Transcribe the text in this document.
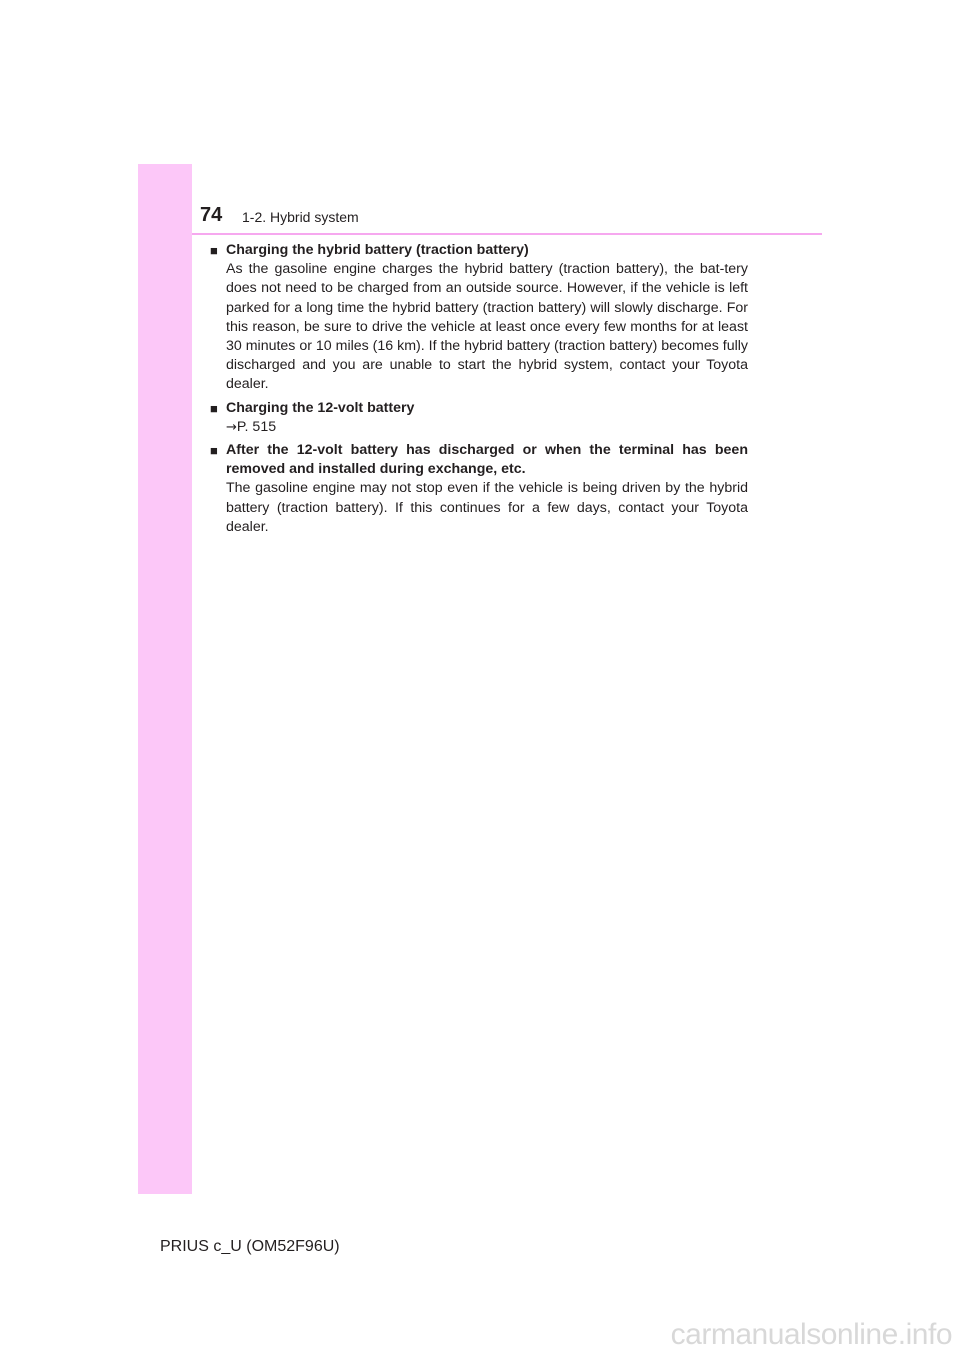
74 1-2. Hybrid system
■ Charging the hybrid battery (traction battery)
As the gasoline engine charges the hybrid battery (traction battery), the bat-tery does not need to be charged from an outside source. However, if the vehicle is left parked for a long time the hybrid battery (traction battery) will slowly discharge. For this reason, be sure to drive the vehicle at least once every few months for at least 30 minutes or 10 miles (16 km). If the hybrid battery (traction battery) becomes fully discharged and you are unable to start the hybrid system, contact your Toyota dealer.
■ Charging the 12-volt battery
→P. 515
■ After the 12-volt battery has discharged or when the terminal has been removed and installed during exchange, etc.
The gasoline engine may not stop even if the vehicle is being driven by the hybrid battery (traction battery). If this continues for a few days, contact your Toyota dealer.
PRIUS c_U (OM52F96U)
carmanualsonline.info
